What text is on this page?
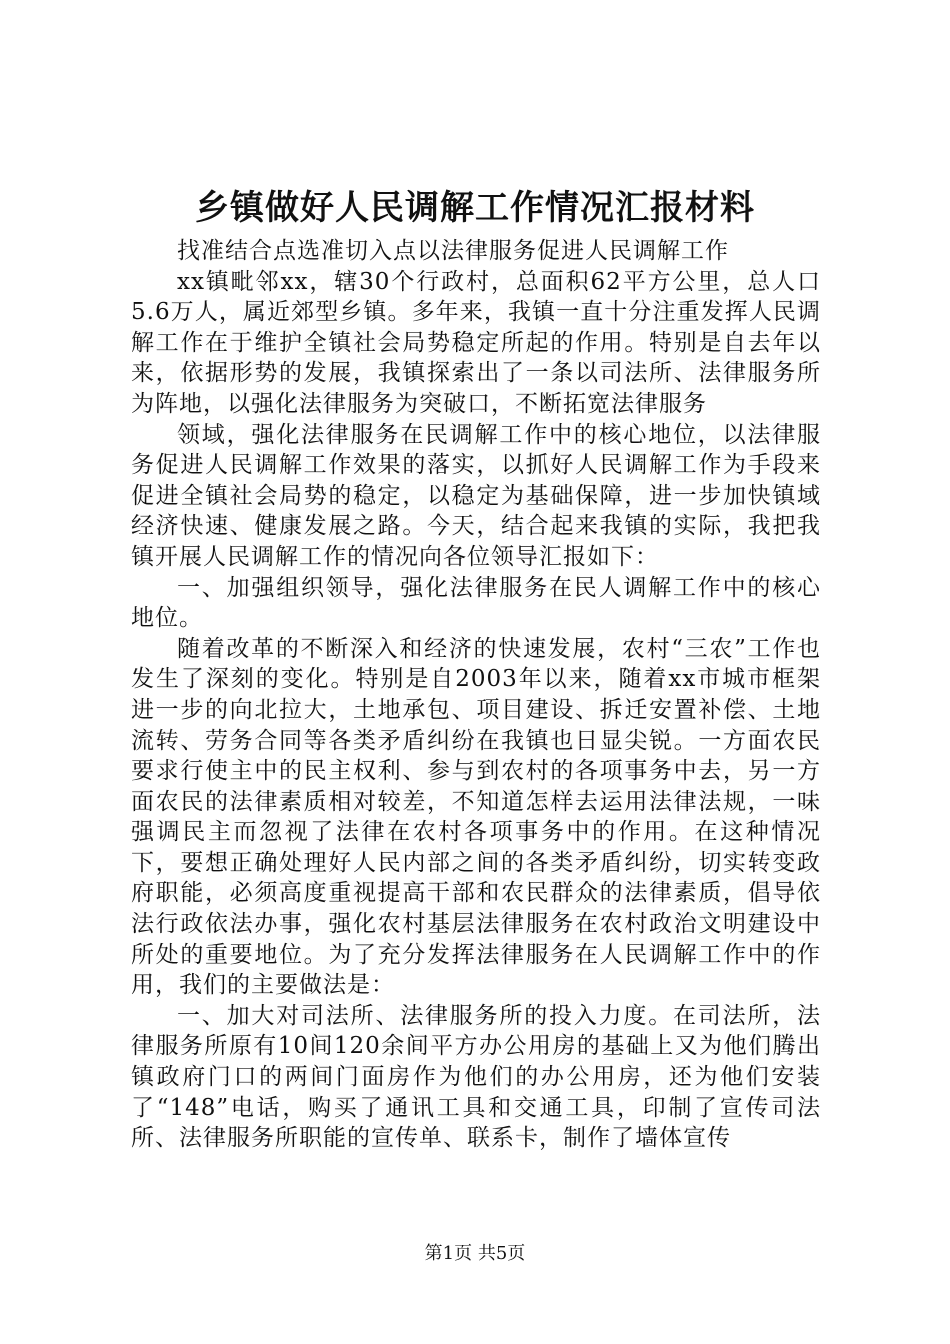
乡镇做好人民调解工作情况汇报材料

找准结合点选准切入点以法律服务促进人民调解工作

xx镇毗邻xx，辖30个行政村，总面积62平方公里，总人口5.6万人，属近郊型乡镇。多年来，我镇一直十分注重发挥人民调解工作在于维护全镇社会局势稳定所起的作用。特别是自去年以来，依据形势的发展，我镇探索出了一条以司法所、法律服务所为阵地，以强化法律服务为突破口，不断拓宽法律服务

领域，强化法律服务在民调解工作中的核心地位，以法律服务促进人民调解工作效果的落实，以抓好人民调解工作为手段来促进全镇社会局势的稳定，以稳定为基础保障，进一步加快镇域经济快速、健康发展之路。今天，结合起来我镇的实际，我把我镇开展人民调解工作的情况向各位领导汇报如下：

一、加强组织领导，强化法律服务在民人调解工作中的核心地位。

随着改革的不断深入和经济的快速发展，农村“三农”工作也发生了深刻的变化。特别是自2003年以来，随着xx市城市框架进一步的向北拉大，土地承包、项目建设、拆迁安置补偿、土地流转、劳务合同等各类矛盾纠纷在我镇也日显尖锐。一方面农民要求行使主中的民主权利、参与到农村的各项事务中去，另一方面农民的法律素质相对较差，不知道怎样去运用法律法规，一味强调民主而忽视了法律在农村各项事务中的作用。在这种情况下，要想正确处理好人民内部之间的各类矛盾纠纷，切实转变政府职能，必须高度重视提高干部和农民群众的法律素质，倡导依法行政依法办事，强化农村基层法律服务在农村政治文明建设中所处的重要地位。为了充分发挥法律服务在人民调解工作中的作用，我们的主要做法是：

一、加大对司法所、法律服务所的投入力度。在司法所，法律服务所原有10间120余间平方办公用房的基础上又为他们腾出镇政府门口的两间门面房作为他们的办公用房，还为他们安装了“148”电话，购买了通讯工具和交通工具，印制了宣传司法所、法律服务所职能的宣传单、联系卡，制作了墙体宣传

第1页 共5页
